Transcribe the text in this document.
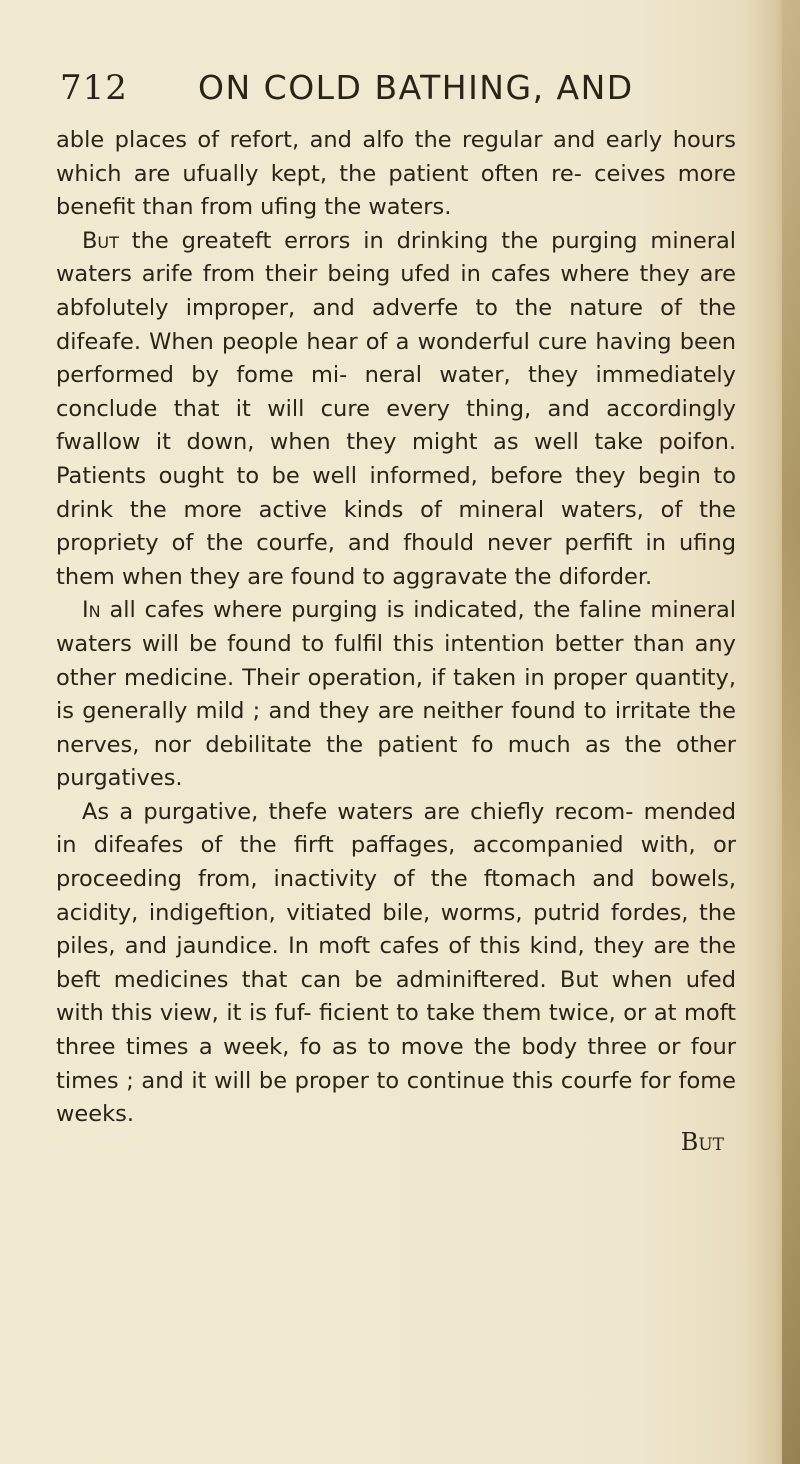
712 ON COLD BATHING, AND

able places of refort, and alfo the regular and early hours which are ufually kept, the patient often re- ceives more benefit than from ufing the waters.

But the greateft errors in drinking the purging mineral waters arife from their being ufed in cafes where they are abfolutely improper, and adverfe to the nature of the difeafe. When people hear of a wonderful cure having been performed by fome mi- neral water, they immediately conclude that it will cure every thing, and accordingly fwallow it down, when they might as well take poifon. Patients ought to be well informed, before they begin to drink the more active kinds of mineral waters, of the propriety of the courfe, and fhould never perfift in ufing them when they are found to aggravate the diforder.

In all cafes where purging is indicated, the faline mineral waters will be found to fulfil this intention better than any other medicine. Their operation, if taken in proper quantity, is generally mild ; and they are neither found to irritate the nerves, nor debilitate the patient fo much as the other purgatives.

As a purgative, thefe waters are chiefly recom- mended in difeafes of the firft paffages, accompanied with, or proceeding from, inactivity of the ftomach and bowels, acidity, indigeftion, vitiated bile, worms, putrid fordes, the piles, and jaundice. In moft cafes of this kind, they are the beft medicines that can be adminiftered. But when ufed with this view, it is fuf- ficient to take them twice, or at moft three times a week, fo as to move the body three or four times ; and it will be proper to continue this courfe for fome weeks.

But
